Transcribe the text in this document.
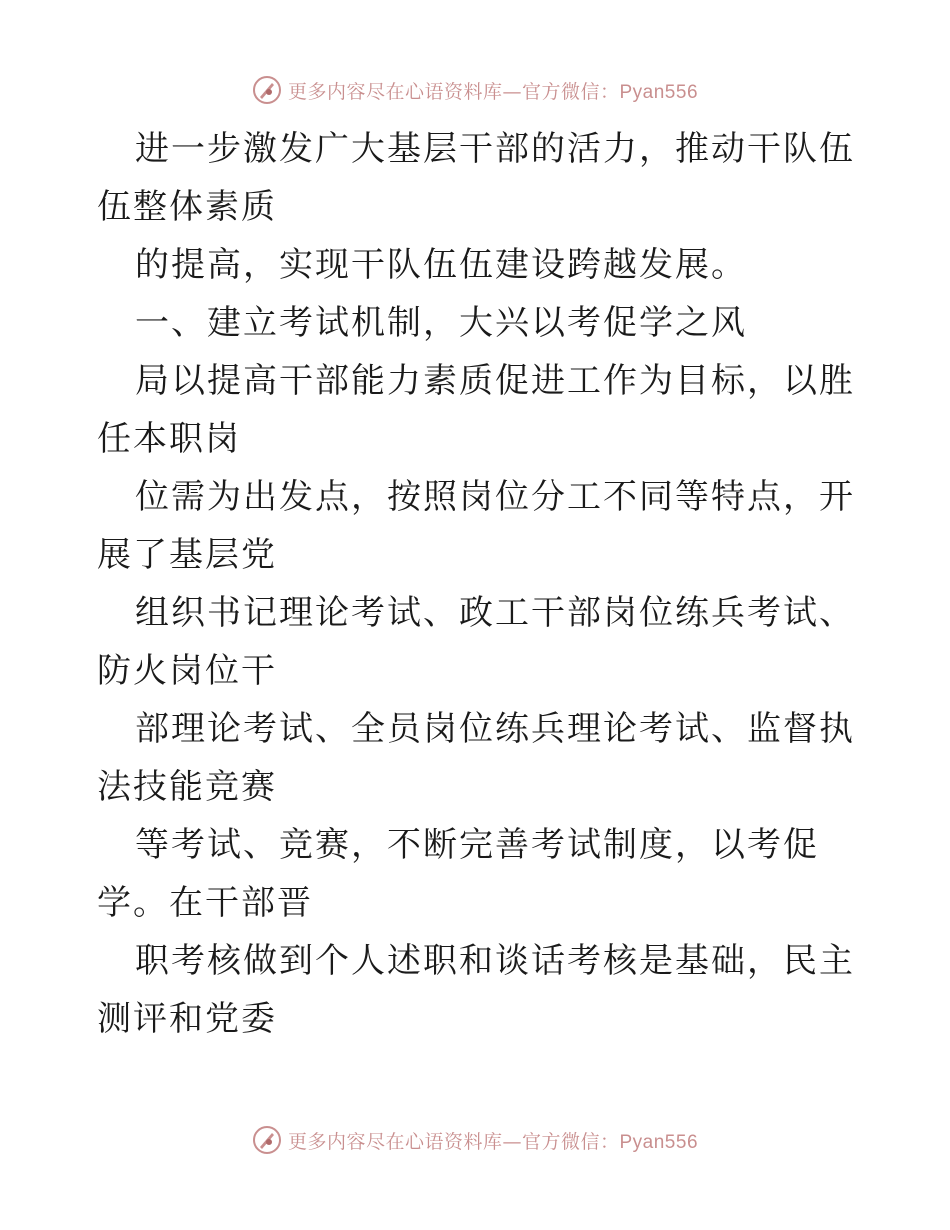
更多内容尽在心语资料库—官方微信：Pyan556

进一步激发广大基层干部的活力，推动干队伍伍整体素质

的提高，实现干队伍伍建设跨越发展。

一、建立考试机制，大兴以考促学之风

局以提高干部能力素质促进工作为目标，以胜任本职岗

位需为出发点，按照岗位分工不同等特点，开展了基层党

组织书记理论考试、政工干部岗位练兵考试、防火岗位干

部理论考试、全员岗位练兵理论考试、监督执法技能竞赛

等考试、竞赛，不断完善考试制度，以考促学。在干部晋

职考核做到个人述职和谈话考核是基础，民主测评和党委

更多内容尽在心语资料库—官方微信：Pyan556
